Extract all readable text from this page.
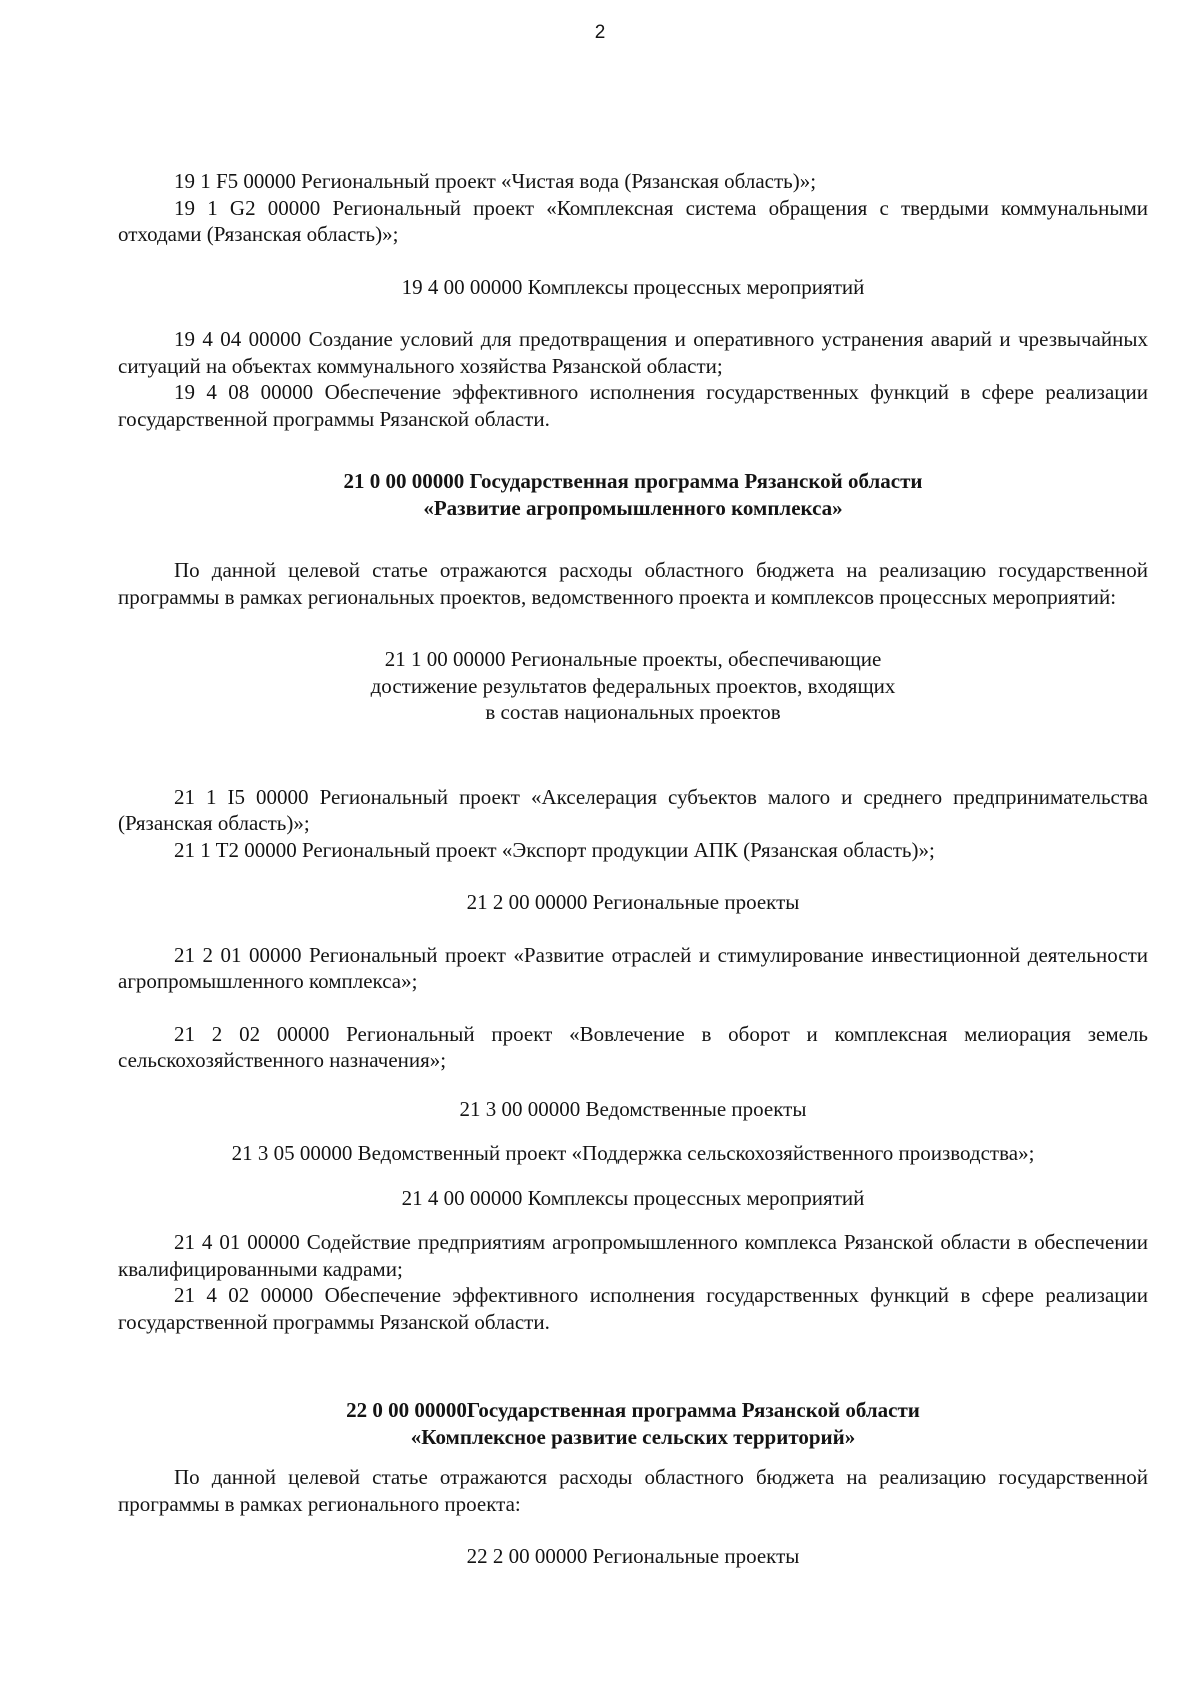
2

19 1 F5 00000 Региональный проект «Чистая вода (Рязанская область)»;

19 1 G2 00000 Региональный проект «Комплексная система обращения с твердыми коммунальными отходами (Рязанская область)»;

19 4 00 00000 Комплексы процессных мероприятий

19 4 04 00000 Создание условий для предотвращения и оперативного устранения аварий и чрезвычайных ситуаций на объектах коммунального хозяйства Рязанской области;

19 4 08 00000 Обеспечение эффективного исполнения государственных функций в сфере реализации государственной программы Рязанской области.

21 0 00 00000 Государственная программа Рязанской области

«Развитие агропромышленного комплекса»

По данной целевой статье отражаются расходы областного бюджета на реализацию государственной программы в рамках региональных проектов, ведомственного проекта и комплексов процессных мероприятий:

21 1 00 00000 Региональные проекты, обеспечивающие

достижение результатов федеральных проектов, входящих

в состав национальных проектов

21 1 I5 00000 Региональный проект «Акселерация субъектов малого и среднего предпринимательства (Рязанская область)»;

21 1 T2 00000 Региональный проект «Экспорт продукции АПК (Рязанская область)»;

21 2 00 00000 Региональные проекты

21 2 01 00000 Региональный проект «Развитие отраслей и стимулирование инвестиционной деятельности агропромышленного комплекса»;

21 2 02 00000 Региональный проект «Вовлечение в оборот и комплексная мелиорация земель сельскохозяйственного назначения»;

21 3 00 00000 Ведомственные проекты

21 3 05 00000 Ведомственный проект «Поддержка сельскохозяйственного производства»;

21 4 00 00000 Комплексы процессных мероприятий

21 4 01 00000 Содействие предприятиям агропромышленного комплекса Рязанской области в обеспечении квалифицированными кадрами;

21 4 02 00000 Обеспечение эффективного исполнения государственных функций в сфере реализации государственной программы Рязанской области.

22 0 00 00000Государственная программа Рязанской области

«Комплексное развитие сельских территорий»

По данной целевой статье отражаются расходы областного бюджета на реализацию государственной программы в рамках регионального проекта:

22 2 00 00000 Региональные проекты
